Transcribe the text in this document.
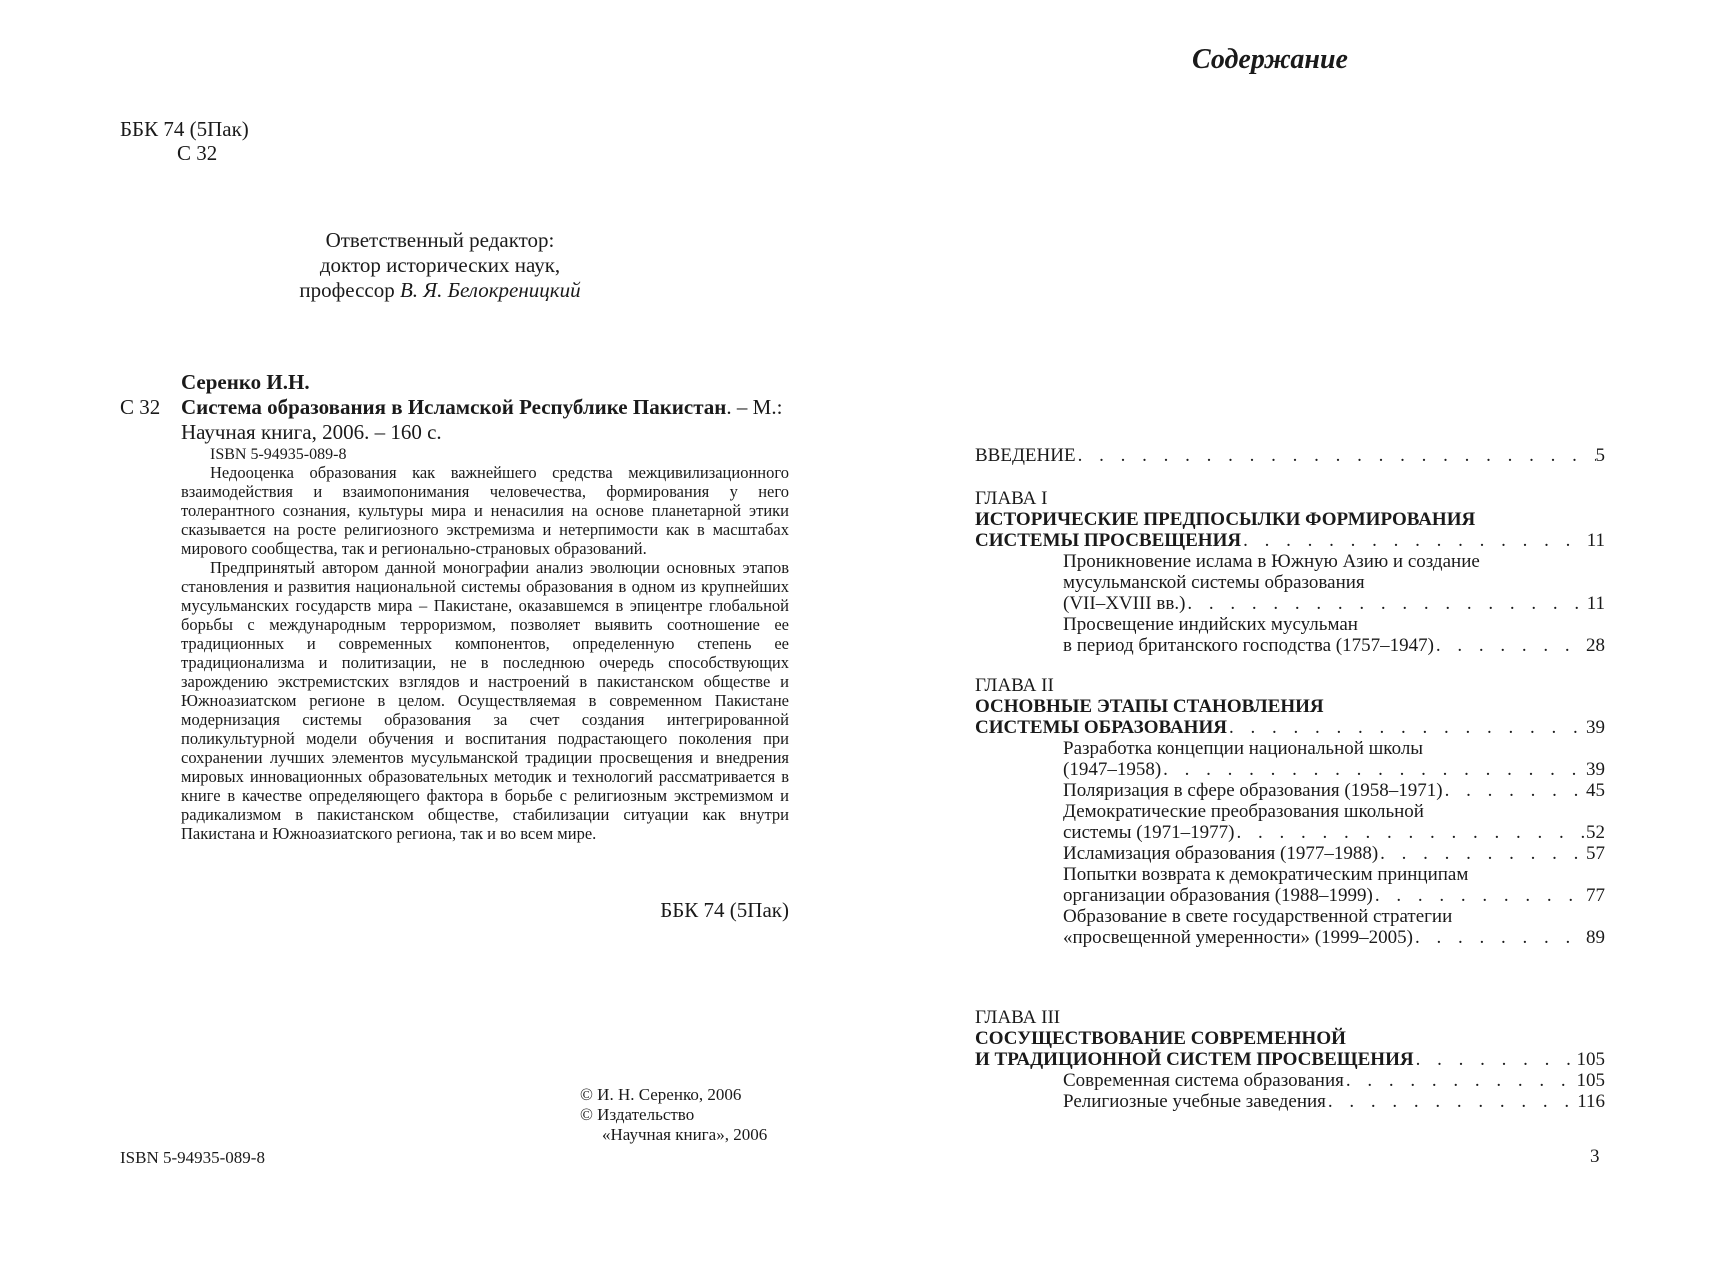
ББК 74 (5Пак)
С 32
Ответственный редактор:
доктор исторических наук,
профессор В. Я. Белокреницкий
Серенко И.Н.
С 32 Система образования в Исламской Республике Пакистан. – М.: Научная книга, 2006. – 160 с.
ISBN 5-94935-089-8

Недооценка образования как важнейшего средства межцивилизационного взаимодействия и взаимопонимания человечества, формирования у него толерантного сознания, культуры мира и ненасилия на основе планетарной этики сказывается на росте религиозного экстремизма и нетерпимости как в масштабах мирового сообщества, так и регионально-страновых образований.

Предпринятый автором данной монографии анализ эволюции основных этапов становления и развития национальной системы образования в одном из крупнейших мусульманских государств мира – Пакистане, оказавшемся в эпицентре глобальной борьбы с международным терроризмом, позволяет выявить соотношение ее традиционных и современных компонентов, определенную степень ее традиционализма и политизации, не в последнюю очередь способствующих зарождению экстремистских взглядов и настроений в пакистанском обществе и Южноазиатском регионе в целом. Осуществляемая в современном Пакистане модернизация системы образования за счет создания интегрированной поликультурной модели обучения и воспитания подрастающего поколения при сохранении лучших элементов мусульманской традиции просвещения и внедрения мировых инновационных образовательных методик и технологий рассматривается в книге в качестве определяющего фактора в борьбе с религиозным экстремизмом и радикализмом в пакистанском обществе, стабилизации ситуации как внутри Пакистана и Южноазиатского региона, так и во всем мире.

ББК 74 (5Пак)
© И. Н. Серенко, 2006
© Издательство
«Научная книга», 2006
ISBN 5-94935-089-8
Содержание
ВВЕДЕНИЕ . . .	5
ГЛАВА I
ИСТОРИЧЕСКИЕ ПРЕДПОСЫЛКИ ФОРМИРОВАНИЯ
СИСТЕМЫ ПРОСВЕЩЕНИЯ . . .	11
Проникновение ислама в Южную Азию и создание
мусульманской системы образования
(VII–XVIII вв.) . . .	11
Просвещение индийских мусульман
в период британского господства (1757–1947) . . .	28
ГЛАВА II
ОСНОВНЫЕ ЭТАПЫ СТАНОВЛЕНИЯ
СИСТЕМЫ ОБРАЗОВАНИЯ . . .	39
Разработка концепции национальной школы
(1947–1958) . . .	39
Поляризация в сфере образования (1958–1971) . . .	45
Демократические преобразования школьной
системы (1971–1977) . . .	52
Исламизация образования (1977–1988) . . .	57
Попытки возврата к демократическим принципам
организации образования (1988–1999) . . .	77
Образование в свете государственной стратегии
«просвещенной умеренности» (1999–2005) . . .	89
ГЛАВА III
СОСУЩЕСТВОВАНИЕ СОВРЕМЕННОЙ
И ТРАДИЦИОННОЙ СИСТЕМ ПРОСВЕЩЕНИЯ . . .	105
Современная система образования . . .	105
Религиозные учебные заведения . . .	116
3
